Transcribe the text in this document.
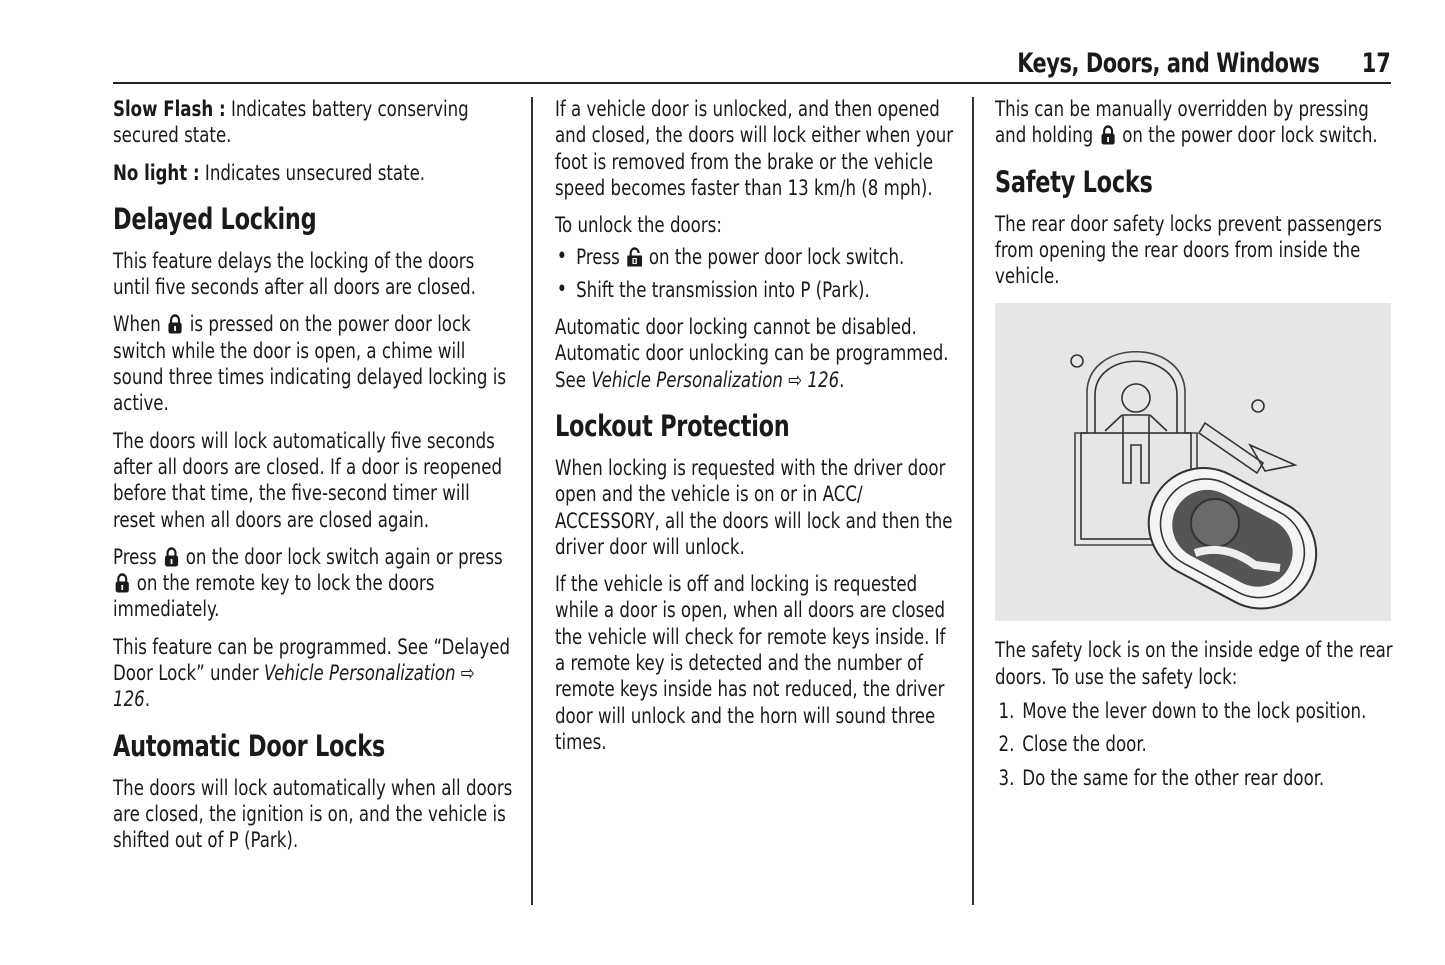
Keys, Doors, and Windows 17

Slow Flash : Indicates battery conserving secured state.

No light : Indicates unsecured state.

Delayed Locking

This feature delays the locking of the doors until five seconds after all doors are closed.

When
is pressed on the power door lock switch while the door is open, a chime will sound three times indicating delayed locking is active.

The doors will lock automatically five seconds after all doors are closed. If a door is reopened before that time, the five-second timer will reset when all doors are closed again.

Press
on the door lock switch again or press
on the remote key to lock the doors immediately.

This feature can be programmed. See “Delayed Door Lock” under Vehicle Personalization ⇨ 126.

Automatic Door Locks

The doors will lock automatically when all doors are closed, the ignition is on, and the vehicle is shifted out of P (Park).

If a vehicle door is unlocked, and then opened and closed, the doors will lock either when your foot is removed from the brake or the vehicle speed becomes faster than 13 km/h (8 mph).

To unlock the doors:

• Press
on the power door lock switch.
• Shift the transmission into P (Park).

Automatic door locking cannot be disabled. Automatic door unlocking can be programmed. See Vehicle Personalization ⇨ 126.

Lockout Protection

When locking is requested with the driver door open and the vehicle is on or in ACC/ ACCESSORY, all the doors will lock and then the driver door will unlock.

If the vehicle is off and locking is requested while a door is open, when all doors are closed the vehicle will check for remote keys inside. If a remote key is detected and the number of remote keys inside has not reduced, the driver door will unlock and the horn will sound three times.

This can be manually overridden by pressing and holding
on the power door lock switch.

Safety Locks

The rear door safety locks prevent passengers from opening the rear doors from inside the vehicle.

The safety lock is on the inside edge of the rear doors. To use the safety lock:

1. Move the lever down to the lock position.
2. Close the door.
3. Do the same for the other rear door.
